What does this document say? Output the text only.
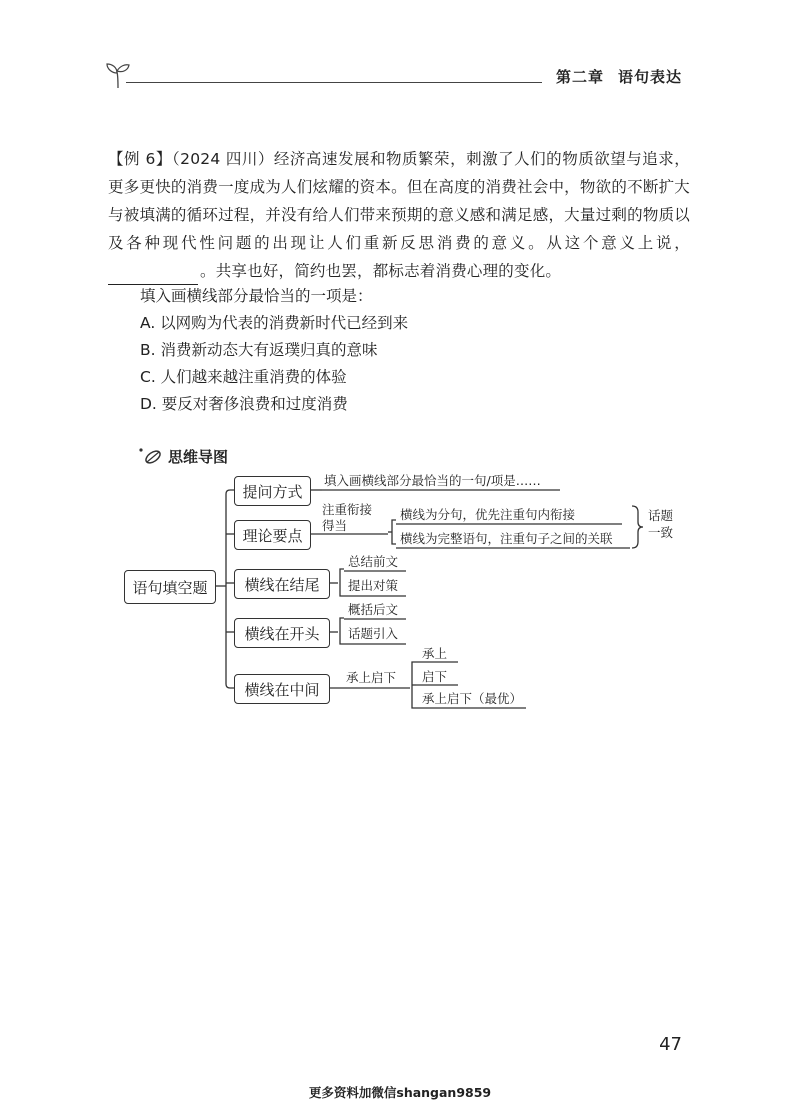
第二章 语句表达

【例 6】（2024 四川）经济高速发展和物质繁荣，刺激了人们的物质欲望与追求，更多更快的消费一度成为人们炫耀的资本。但在高度的消费社会中，物欲的不断扩大与被填满的循环过程，并没有给人们带来预期的意义感和满足感，大量过剩的物质以及各种现代性问题的出现让人们重新反思消费的意义。从这个意义上说，。共享也好，简约也罢，都标志着消费心理的变化。

填入画横线部分最恰当的一项是：
A. 以网购为代表的消费新时代已经到来
B. 消费新动态大有返璞归真的意味
C. 人们越来越注重消费的体验
D. 要反对奢侈浪费和过度消费
思维导图
语句填空题
提问方式
填入画横线部分最恰当的一句/项是……
理论要点
注重衔接
得当
横线为分句，优先注重句内衔接
横线为完整语句，注重句子之间的关联
话题
一致
横线在结尾
总结前文
提出对策
横线在开头
概括后文
话题引入
横线在中间
承上启下
承上
启下
承上启下（最优）
47
更多资料加微信shangan9859
